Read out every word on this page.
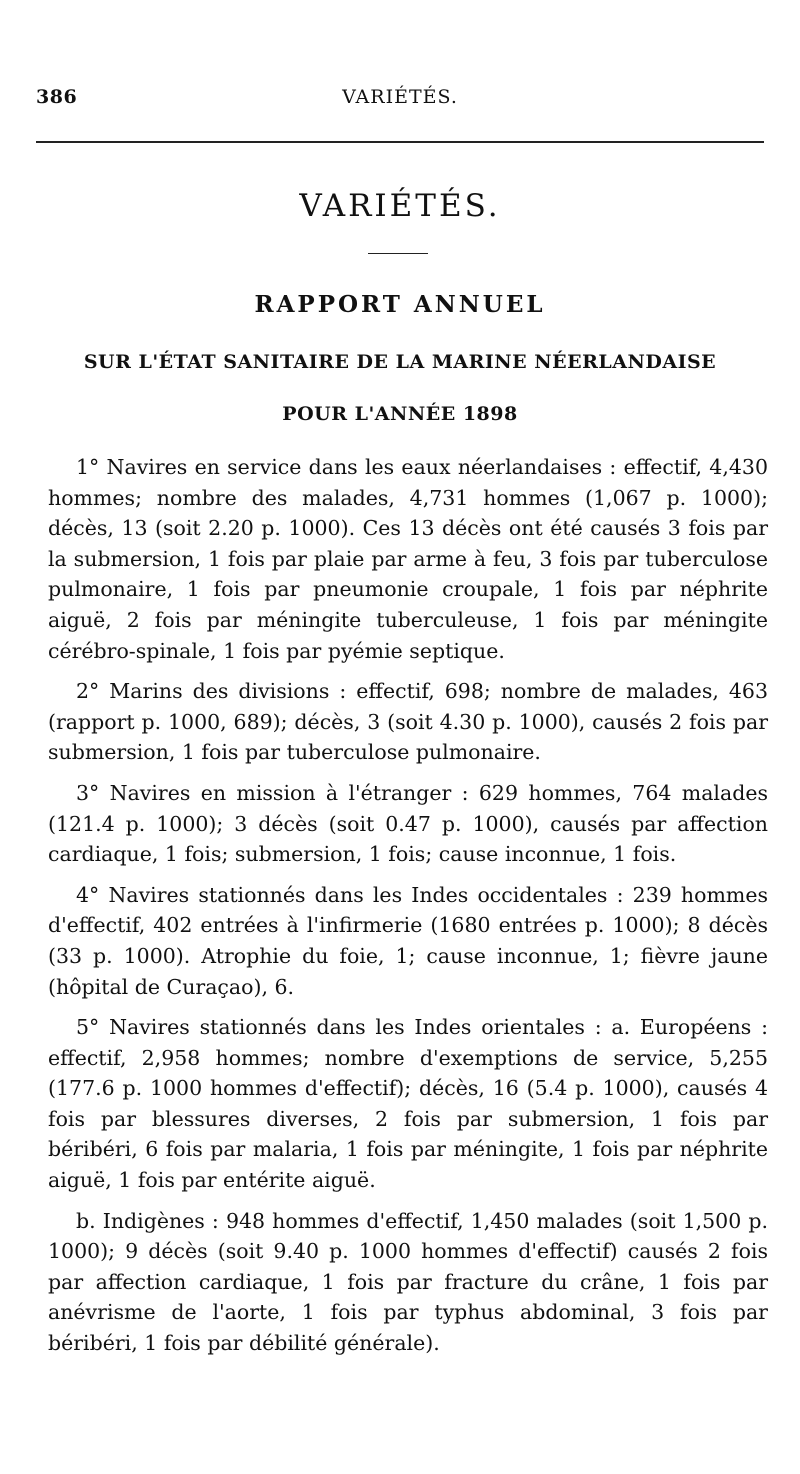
386	VARIÉTÉS.
VARIÉTÉS.
RAPPORT ANNUEL
SUR L'ÉTAT SANITAIRE DE LA MARINE NÉERLANDAISE
POUR L'ANNÉE 1898

1° Navires en service dans les eaux néerlandaises : effectif, 4,430 hommes; nombre des malades, 4,731 hommes (1,067 p. 1000); décès, 13 (soit 2.20 p. 1000). Ces 13 décès ont été causés 3 fois par la submersion, 1 fois par plaie par arme à feu, 3 fois par tuberculose pulmonaire, 1 fois par pneumonie croupale, 1 fois par néphrite aiguë, 2 fois par méningite tuberculeuse, 1 fois par méningite cérébro-spinale, 1 fois par pyémie septique.

2° Marins des divisions : effectif, 698; nombre de malades, 463 (rapport p. 1000, 689); décès, 3 (soit 4.30 p. 1000), causés 2 fois par submersion, 1 fois par tuberculose pulmonaire.

3° Navires en mission à l'étranger : 629 hommes, 764 malades (121.4 p. 1000); 3 décès (soit 0.47 p. 1000), causés par affection cardiaque, 1 fois; submersion, 1 fois; cause inconnue, 1 fois.

4° Navires stationnés dans les Indes occidentales : 239 hommes d'effectif, 402 entrées à l'infirmerie (1680 entrées p. 1000); 8 décès (33 p. 1000). Atrophie du foie, 1; cause inconnue, 1; fièvre jaune (hôpital de Curaçao), 6.

5° Navires stationnés dans les Indes orientales : a. Européens : effectif, 2,958 hommes; nombre d'exemptions de service, 5,255 (177.6 p. 1000 hommes d'effectif); décès, 16 (5.4 p. 1000), causés 4 fois par blessures diverses, 2 fois par submersion, 1 fois par béribéri, 6 fois par malaria, 1 fois par méningite, 1 fois par néphrite aiguë, 1 fois par entérite aiguë.

b. Indigènes : 948 hommes d'effectif, 1,450 malades (soit 1,500 p. 1000); 9 décès (soit 9.40 p. 1000 hommes d'effectif) causés 2 fois par affection cardiaque, 1 fois par fracture du crâne, 1 fois par anévrisme de l'aorte, 1 fois par typhus abdominal, 3 fois par béribéri, 1 fois par débilité générale).
